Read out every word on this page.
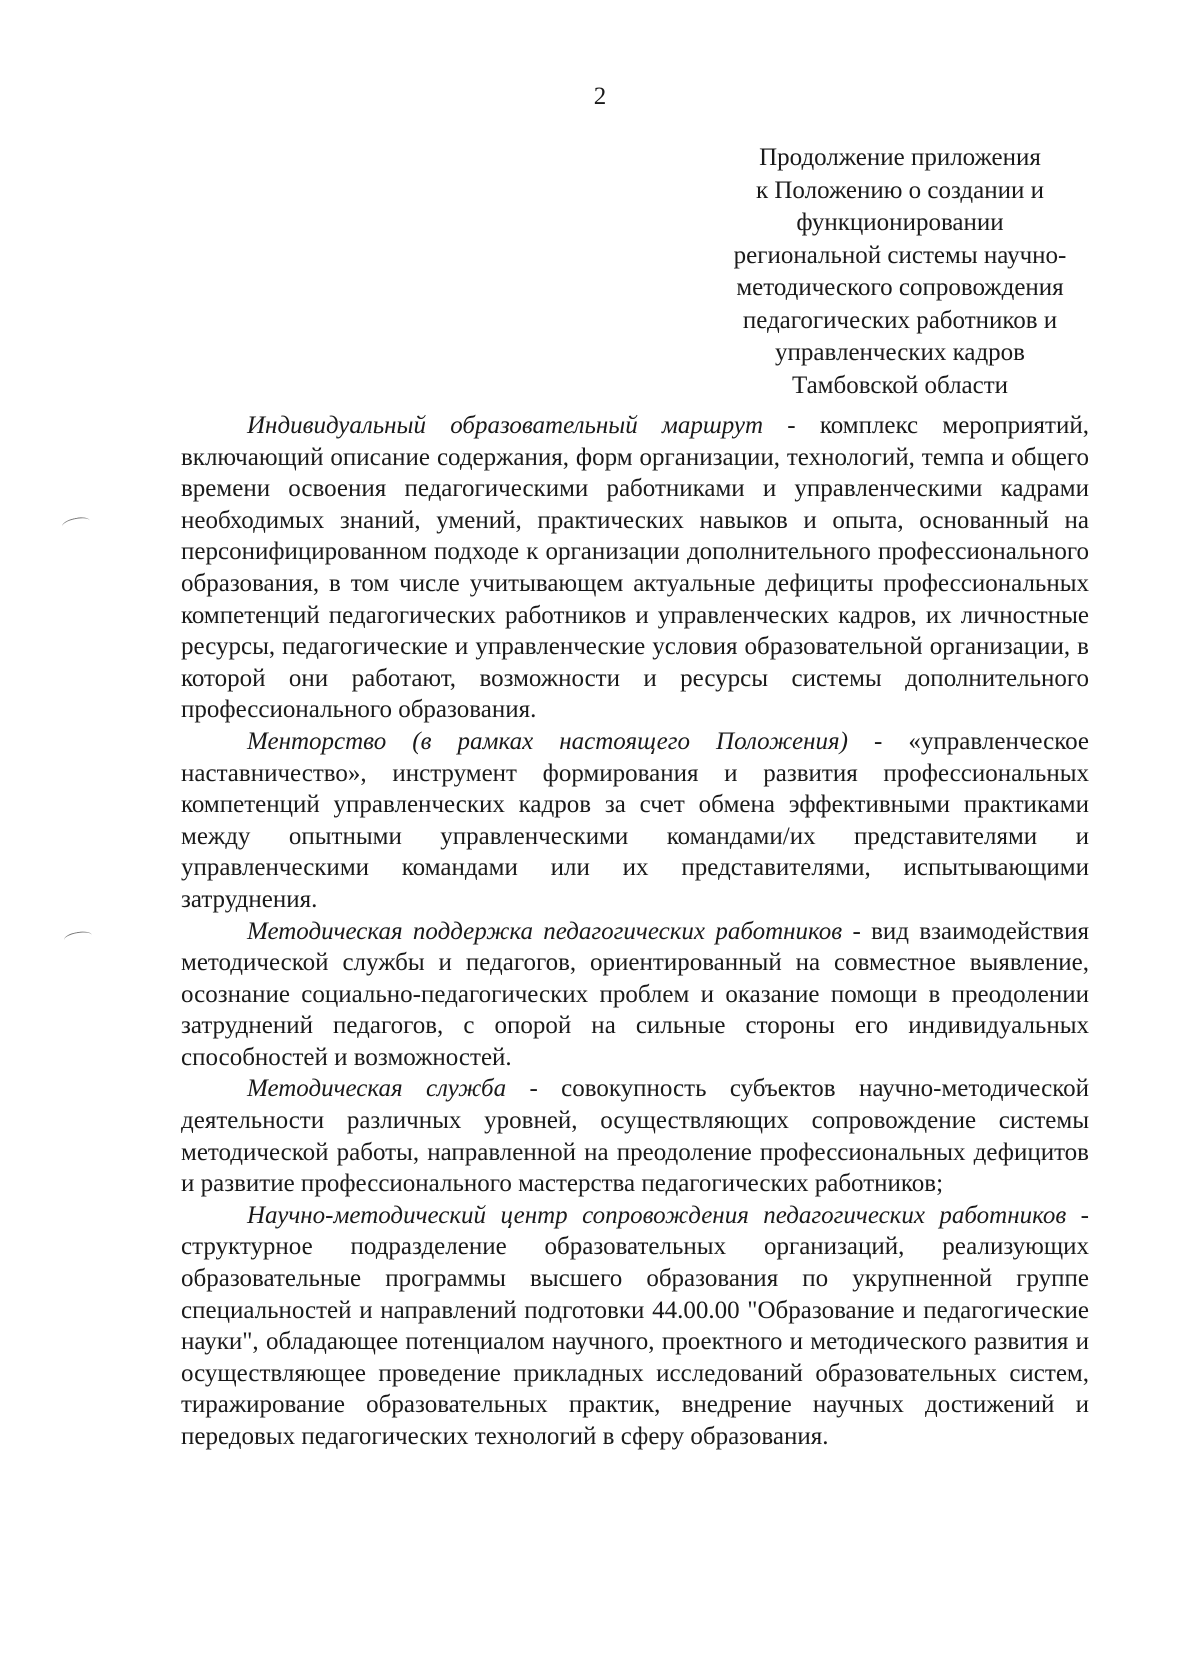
2
Продолжение приложения
к Положению о создании и
функционировании
региональной системы научно-
методического сопровождения
педагогических работников и
управленческих кадров
Тамбовской области

Индивидуальный образовательный маршрут - комплекс мероприятий, включающий описание содержания, форм организации, технологий, темпа и общего времени освоения педагогическими работниками и управленческими кадрами необходимых знаний, умений, практических навыков и опыта, основанный на персонифицированном подходе к организации дополнительного профессионального образования, в том числе учитывающем актуальные дефициты профессиональных компетенций педагогических работников и управленческих кадров, их личностные ресурсы, педагогические и управленческие условия образовательной организации, в которой они работают, возможности и ресурсы системы дополнительного профессионального образования.

Менторство (в рамках настоящего Положения) - «управленческое наставничество», инструмент формирования и развития профессиональных компетенций управленческих кадров за счет обмена эффективными практиками между опытными управленческими командами/их представителями и управленческими командами или их представителями, испытывающими затруднения.

Методическая поддержка педагогических работников - вид взаимодействия методической службы и педагогов, ориентированный на совместное выявление, осознание социально-педагогических проблем и оказание помощи в преодолении затруднений педагогов, с опорой на сильные стороны его индивидуальных способностей и возможностей.

Методическая служба - совокупность субъектов научно-методической деятельности различных уровней, осуществляющих сопровождение системы методической работы, направленной на преодоление профессиональных дефицитов и развитие профессионального мастерства педагогических работников;

Научно-методический центр сопровождения педагогических работников - структурное подразделение образовательных организаций, реализующих образовательные программы высшего образования по укрупненной группе специальностей и направлений подготовки 44.00.00 "Образование и педагогические науки", обладающее потенциалом научного, проектного и методического развития и осуществляющее проведение прикладных исследований образовательных систем, тиражирование образовательных практик, внедрение научных достижений и передовых педагогических технологий в сферу образования.
